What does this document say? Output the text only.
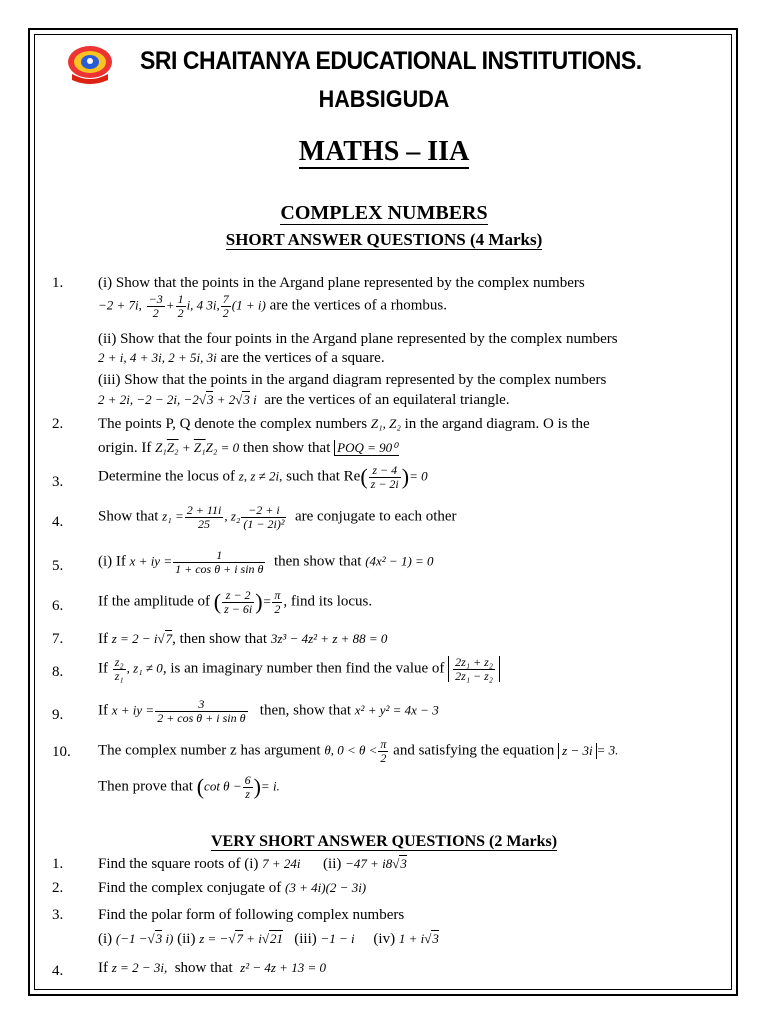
SRI CHAITANYA EDUCATIONAL INSTITUTIONS.
HABSIGUDA
MATHS – IIA
COMPLEX NUMBERS
SHORT ANSWER QUESTIONS (4 Marks)
1. (i) Show that the points in the Argand plane represented by the complex numbers
−2 + 7i, $\frac{-3}{2} + \frac{1}{2} i$, 4 3i, $\frac{7}{2} (1 + i)$ are the vertices of a rhombus.
(ii) Show that the four points in the Argand plane represented by the complex numbers
2 + i, 4 + 3i, 2 + 5i, 3i are the vertices of a square.
(iii) Show that the points in the argand diagram represented by the complex numbers
2 + 2i, −2 − 2i, −2√3 + 2√3 i are the vertices of an equilateral triangle.
2. The points P, Q denote the complex numbers Z₁, Z₂ in the argand diagram. O is the
origin. If Z₁Z₂ + Z₁Z₂ = 0 then show that POQ = 90⁰
3. Determine the locus of z, z ≠ 2i, such that $Re( \frac{z - 4}{z - 2i}$ )= 0
4. Show that $z_1 = \frac{2 + 11i}{25}$ , $z_2 \frac{-2 + i}{\text{(1 − 2i)²}}$ are conjugate to each other
5. (i) If x + iy = $\frac{1}{\text{1 + cos θ + i sin θ}}$ then show that (4x² − 1) = 0
6. If the amplitude of ( $\frac{z - 2}{z - 6i}$ )= $\frac{\pi}{2}$ , find its locus.
7. If z = 2 − i√7, then show that 3z³ − 4z² + z + 88 = 0
8. If $\frac{\text{z₂}}{\text{z₁}}$ , z₁ ≠ 0, is an imaginary number then find the value of $\frac{\text{2z₁ + z₂}}{\text{2z₁ − z₂}}$
9. If x + iy = $\frac{3}{\text{2 + cos θ + i sin θ}}$ then, show that x² + y² = 4x − 3
10. The complex number z has argument θ, $0 < \theta < \frac{\pi}{2}$ and satisfying the equation z − 3i = 3.
Then prove that (cot $\theta - \frac{6}{z}$ )= i.
VERY SHORT ANSWER QUESTIONS (2 Marks)
1. Find the square roots of (i) 7 + 24i (ii) −47 + i8√3
2. Find the complex conjugate of (3 + 4i)(2 − 3i)
3. Find the polar form of following complex numbers
(i) (−1 −√3 i) (ii) z = −√7 + i√21 (iii) −1 − i (iv) 1 + i√3
4. If z = 2 − 3i, show that z² − 4z + 13 = 0
